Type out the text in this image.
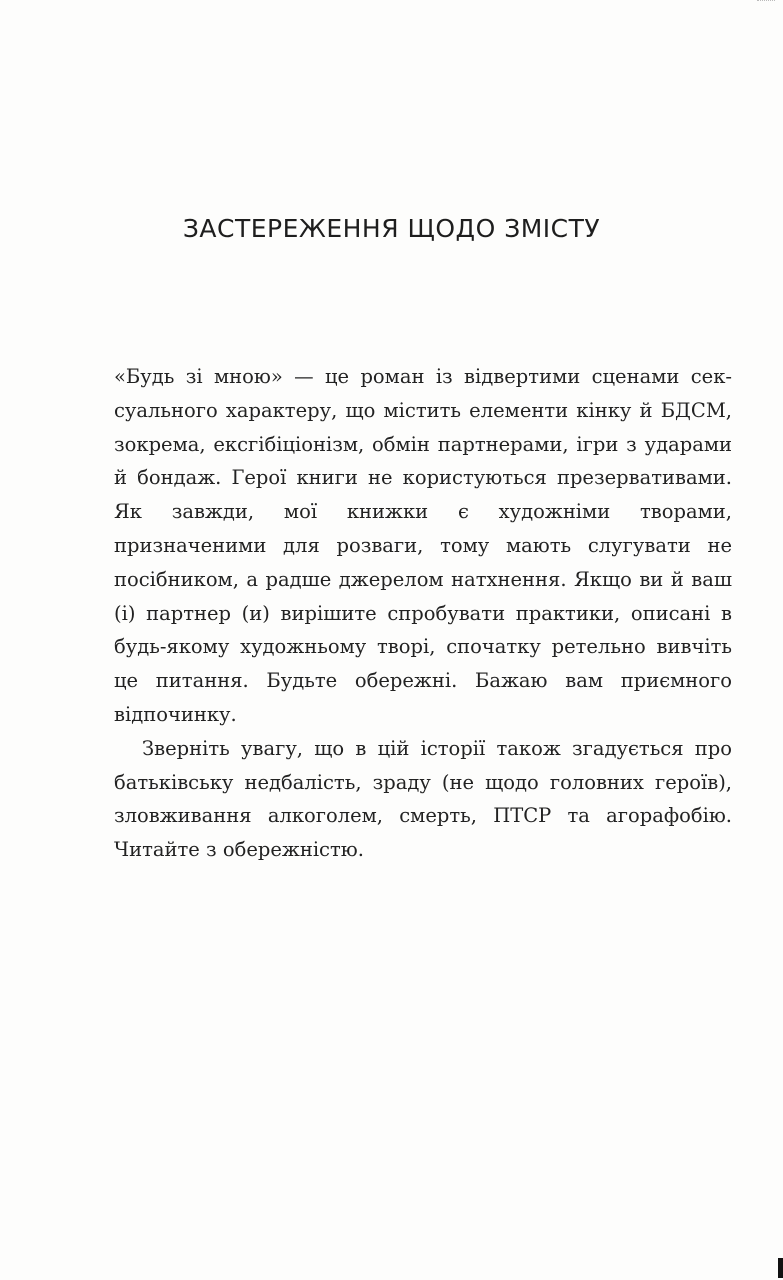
ЗАСТЕРЕЖЕННЯ ЩОДО ЗМІСТУ

«Будь зі мною» — це роман із відвертими сценами сексуального характеру, що містить елементи кінку й БДСМ, зокрема, ексгібіціонізм, обмін партнерами, ігри з ударами й бондаж. Герої книги не користуються презервативами. Як завжди, мої книжки є художніми творами, призначеними для розваги, тому мають слугувати не посібником, а радше джерелом натхнення. Якщо ви й ваш (і) партнер (и) вирішите спробувати практики, описані в будь-якому художньому творі, спочатку ретельно вивчіть це питання. Будьте обережні. Бажаю вам приємного відпочинку.

Зверніть увагу, що в цій історії також згадується про батьківську недбалість, зраду (не щодо головних героїв), зловживання алкоголем, смерть, ПТСР та агорафобію. Читайте з обережністю.
